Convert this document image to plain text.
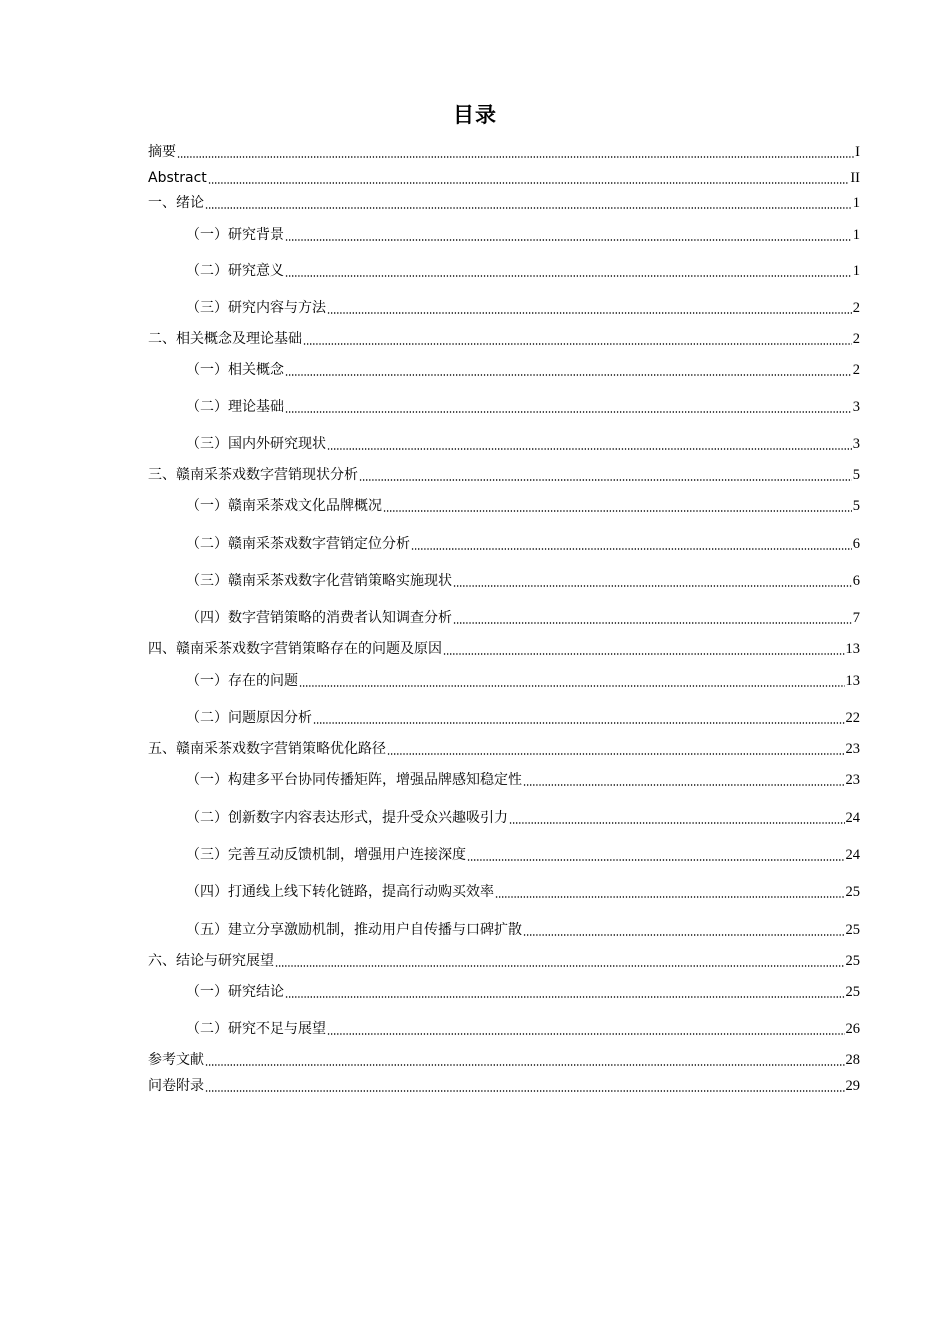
目录
摘要	I
Abstract	II
一、绪论	1
（一）研究背景	1
（二）研究意义	1
（三）研究内容与方法	2
二、相关概念及理论基础	2
（一）相关概念	2
（二）理论基础	3
（三）国内外研究现状	3
三、赣南采茶戏数字营销现状分析	5
（一）赣南采茶戏文化品牌概况	5
（二）赣南采茶戏数字营销定位分析	6
（三）赣南采茶戏数字化营销策略实施现状	6
（四）数字营销策略的消费者认知调查分析	7
四、赣南采茶戏数字营销策略存在的问题及原因	13
（一）存在的问题	13
（二）问题原因分析	22
五、赣南采茶戏数字营销策略优化路径	23
（一）构建多平台协同传播矩阵，增强品牌感知稳定性	23
（二）创新数字内容表达形式，提升受众兴趣吸引力	24
（三）完善互动反馈机制，增强用户连接深度	24
（四）打通线上线下转化链路，提高行动购买效率	25
（五）建立分享激励机制，推动用户自传播与口碑扩散	25
六、结论与研究展望	25
（一）研究结论	25
（二）研究不足与展望	26
参考文献	28
问卷附录	29
